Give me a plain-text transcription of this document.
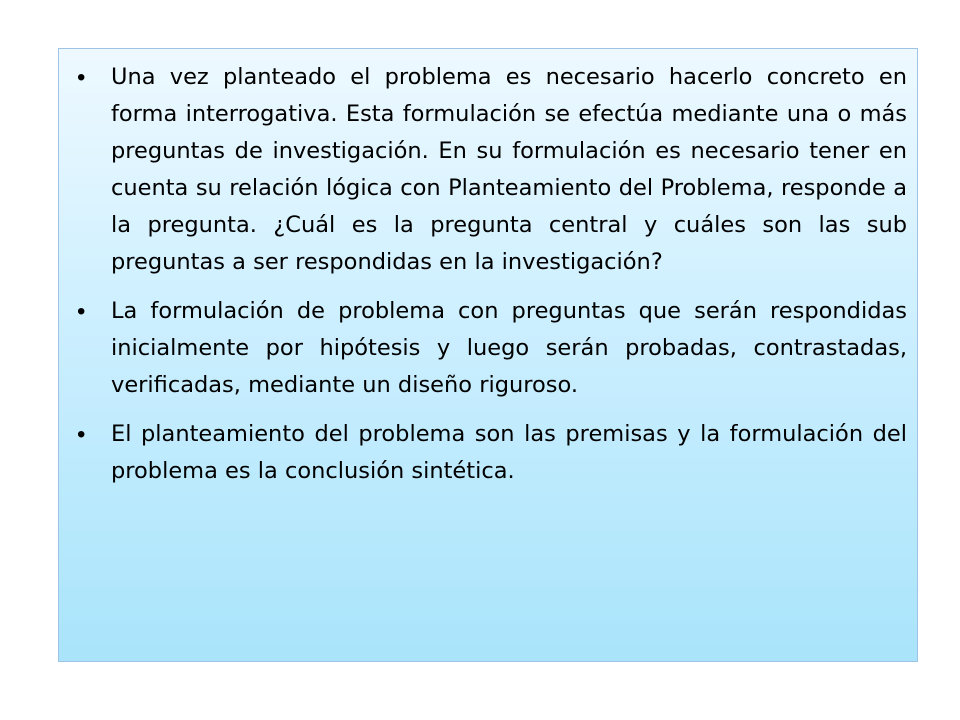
• Una vez planteado el problema es necesario hacerlo concreto en forma interrogativa. Esta formulación se efectúa mediante una o más preguntas de investigación. En su formulación es necesario tener en cuenta su relación lógica con Planteamiento del Problema, responde a la pregunta. ¿Cuál es la pregunta central y cuáles son las sub preguntas a ser respondidas en la investigación?
• La formulación de problema con preguntas que serán respondidas inicialmente por hipótesis y luego serán probadas, contrastadas, verificadas, mediante un diseño riguroso.
• El planteamiento del problema son las premisas y la formulación del problema es la conclusión sintética.
